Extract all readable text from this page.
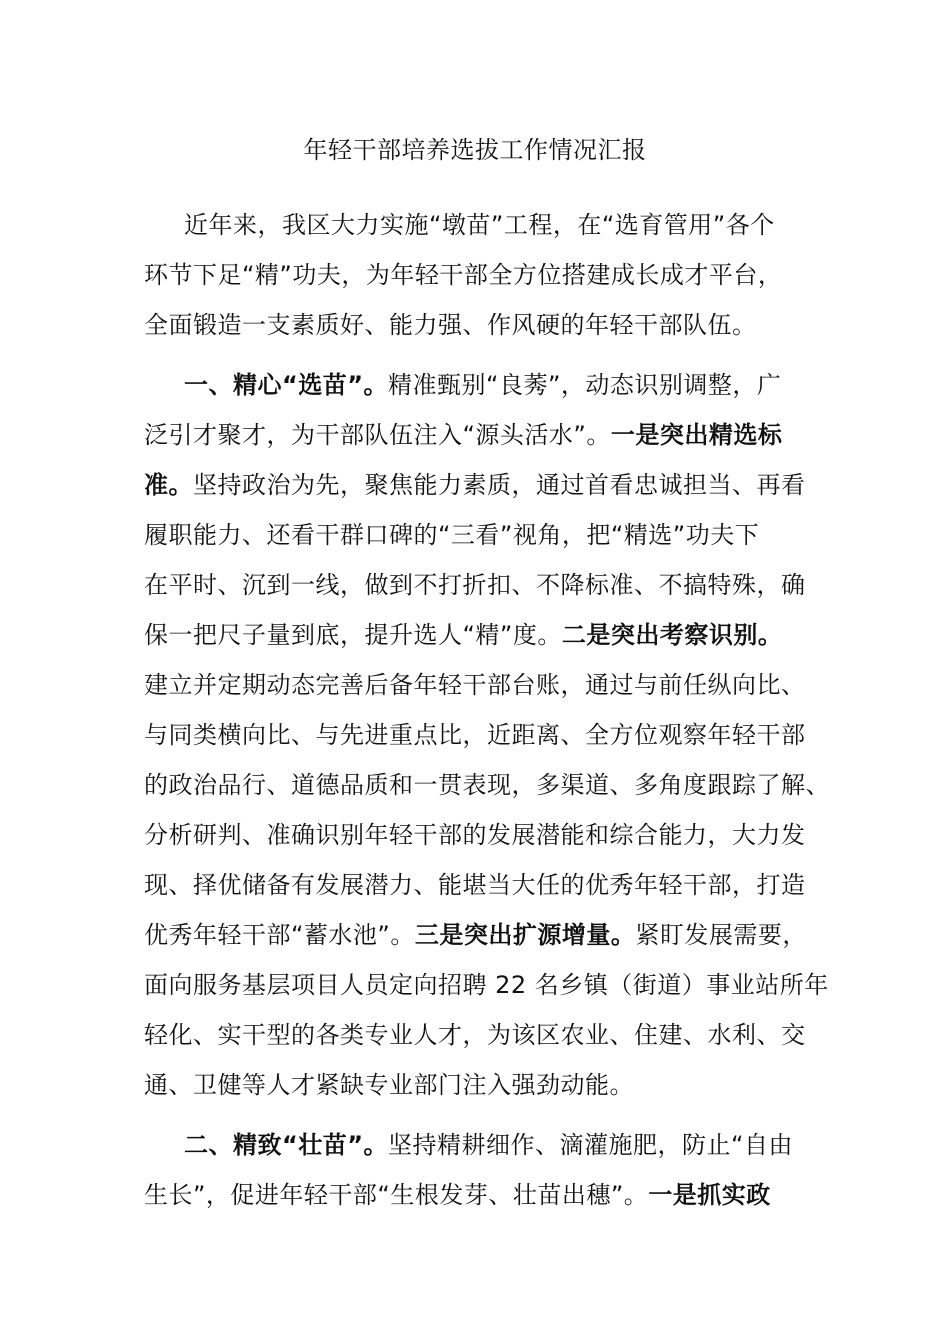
年轻干部培养选拔工作情况汇报

近年来，我区大力实施“墩苗”工程，在“选育管用”各个

环节下足“精”功夫，为年轻干部全方位搭建成长成才平台，

全面锻造一支素质好、能力强、作风硬的年轻干部队伍。

一、精心“选苗”。精准甄别“良莠”，动态识别调整，广

泛引才聚才，为干部队伍注入“源头活水”。一是突出精选标

准。坚持政治为先，聚焦能力素质，通过首看忠诚担当、再看

履职能力、还看干群口碑的“三看”视角，把“精选”功夫下

在平时、沉到一线，做到不打折扣、不降标准、不搞特殊，确

保一把尺子量到底，提升选人“精”度。二是突出考察识别。

建立并定期动态完善后备年轻干部台账，通过与前任纵向比、

与同类横向比、与先进重点比，近距离、全方位观察年轻干部

的政治品行、道德品质和一贯表现，多渠道、多角度跟踪了解、

分析研判、准确识别年轻干部的发展潜能和综合能力，大力发

现、择优储备有发展潜力、能堪当大任的优秀年轻干部，打造

优秀年轻干部“蓄水池”。三是突出扩源增量。紧盯发展需要，

面向服务基层项目人员定向招聘 22 名乡镇（街道）事业站所年

轻化、实干型的各类专业人才，为该区农业、住建、水利、交

通、卫健等人才紧缺专业部门注入强劲动能。

二、精致“壮苗”。坚持精耕细作、滴灌施肥，防止“自由

生长”，促进年轻干部“生根发芽、壮苗出穗”。一是抓实政
